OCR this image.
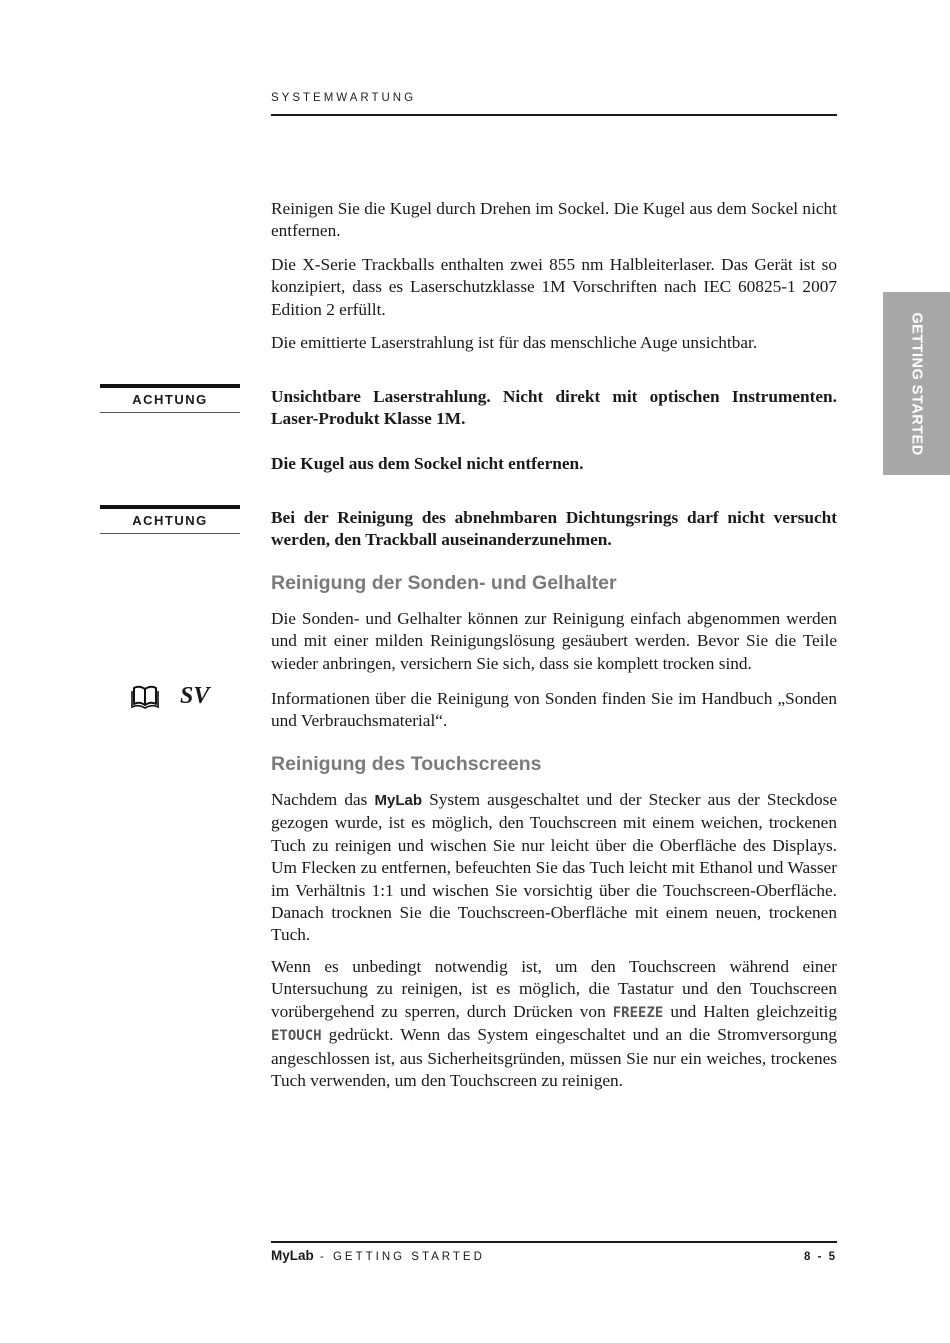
SYSTEMWARTUNG
GETTING STARTED

Reinigen Sie die Kugel durch Drehen im Sockel. Die Kugel aus dem Sockel nicht entfernen.

Die X-Serie Trackballs enthalten zwei 855 nm Halbleiterlaser. Das Gerät ist so konzipiert, dass es Laserschutzklasse 1M Vorschriften nach IEC 60825-1 2007 Edition 2 erfüllt.

Die emittierte Laserstrahlung ist für das menschliche Auge unsichtbar.

ACHTUNG	Unsichtbare Laserstrahlung. Nicht direkt mit optischen Instrumenten. Laser-Produkt Klasse 1M.

Die Kugel aus dem Sockel nicht entfernen.

ACHTUNG	Bei der Reinigung des abnehmbaren Dichtungsrings darf nicht versucht werden, den Trackball auseinanderzunehmen.

Reinigung der Sonden- und Gelhalter

Die Sonden- und Gelhalter können zur Reinigung einfach abgenommen werden und mit einer milden Reinigungslösung gesäubert werden. Bevor Sie die Teile wieder anbringen, versichern Sie sich, dass sie komplett trocken sind.

SV	Informationen über die Reinigung von Sonden finden Sie im Handbuch „Sonden und Verbrauchsmaterial“.

Reinigung des Touchscreens

Nachdem das MyLab System ausgeschaltet und der Stecker aus der Steckdose gezogen wurde, ist es möglich, den Touchscreen mit einem weichen, trockenen Tuch zu reinigen und wischen Sie nur leicht über die Oberfläche des Displays. Um Flecken zu entfernen, befeuchten Sie das Tuch leicht mit Ethanol und Wasser im Verhältnis 1:1 und wischen Sie vorsichtig über die Touchscreen-Oberfläche. Danach trocknen Sie die Touchscreen-Oberfläche mit einem neuen, trockenen Tuch.

Wenn es unbedingt notwendig ist, um den Touchscreen während einer Untersuchung zu reinigen, ist es möglich, die Tastatur und den Touchscreen vorübergehend zu sperren, durch Drücken von FREEZE und Halten gleichzeitig ETOUCH gedrückt. Wenn das System eingeschaltet und an die Stromversorgung angeschlossen ist, aus Sicherheitsgründen, müssen Sie nur ein weiches, trockenes Tuch verwenden, um den Touchscreen zu reinigen.

MyLab - GETTING STARTED	8 - 5
